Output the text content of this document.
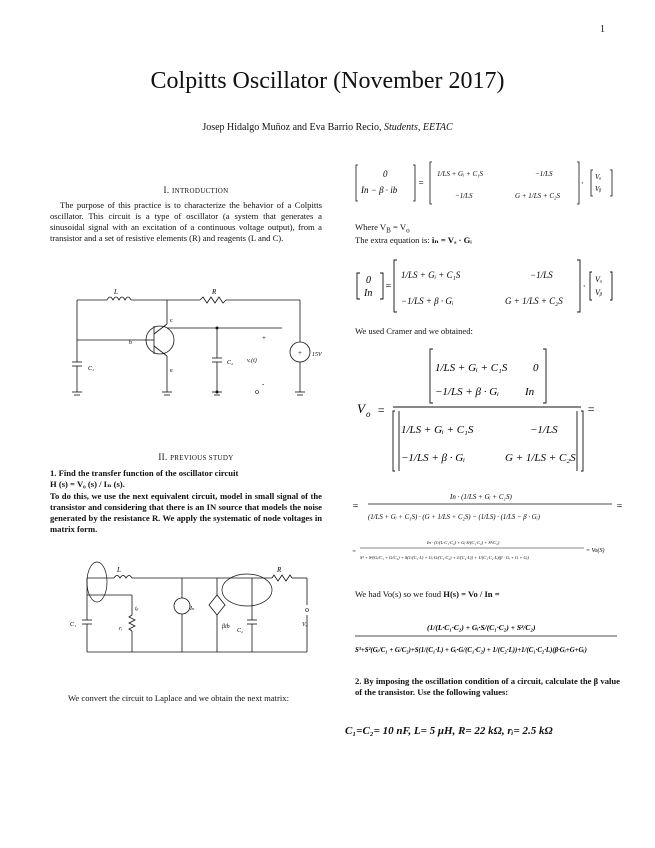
1
Colpitts Oscillator (November 2017)
Josep Hidalgo Muñoz and Eva Barrio Recio, Students, EETAC
I. INTRODUCTION
The purpose of this practice is to characterize the behavior of a Colpitts oscillator. This circuit is a type of oscillator (a system that generates a sinusoidal signal with an excitation of a continuous voltage output), from a transistor and a set of resistive elements (R) and reagents (L and C).
L	R
c
b
e
C₁
C₂ vᵣ(t)
15V
+
-
+
II. PREVIOUS STUDY
1. Find the transfer function of the oscillator circuit
H (s) = V₀ (s) / Iₙ (s).
To do this, we use the next equivalent circuit, model in small signal of the transistor and considering that there is an IN source that models the noise generated by the resistance R. We apply the systematic of node voltages in matrix form.
L	R
iᵦ	Iₙ
rᵢ
C₁
C₂
Vₒ
βib
We convert the circuit to Laplace and we obtain the next matrix:
0
In − β · ib
=
1/LS + Gᵢ + C₁S	−1/LS
−1/LS	G + 1/LS + C₂S
·
Vₐ
Vᵦ
Where $V_B = V_o$
The extra equation is: iₙ = Vₐ · Gᵢ
0
In
=
1/LS + Gᵢ + C₁S	−1/LS
−1/LS + β · Gᵢ	G + 1/LS + C₂S
·
Vₐ
Vᵦ
We used Cramer and we obtained:
V o =
1/LS + Gᵢ + C₁S 0
−1/LS + β · Gᵢ In
1/LS + Gᵢ + C₁S	−1/LS
−1/LS + β · Gᵢ	G + 1/LS + C₂S
=
=
In · (1/LS + Gᵢ + C₁S)
(1/LS + Gᵢ + C₁S) · (G + 1/LS + C₂S) − (1/LS) · (1/LS − β · Gᵢ)
=
=
In · (1/(L·C₁·C₂) + Gᵢ·S/(C₁·C₂) + S²/C₂)
S³ + S²(Gᵢ/C₁ + G/C₂) + S(1/(C₁·L) + Gᵢ·G/(C₁·C₂) + 1/(C₂·L)) + 1/(C₁·C₂·L)(β · Gᵢ + G + Gᵢ)
= Vo(S)
We had Vo(s) so we foud H(s) = Vo / In =
(1/(L·C₁·C₂) + Gᵢ·S/(C₁·C₂) + S²/C₂)
S³+S²(Gᵢ/C₁ + G/C₂)+S(1/(C₁·L) + Gᵢ·G/(C₁·C₂) + 1/(C₂·L))+1/(C₁·C₂·L)(β·Gᵢ+G+Gᵢ)
2. By imposing the oscillation condition of a circuit, calculate the β value of the transistor. Use the following values:
C₁=C₂= 10 nF, L= 5 μH, R= 22 kΩ, rᵢ= 2.5 kΩ
